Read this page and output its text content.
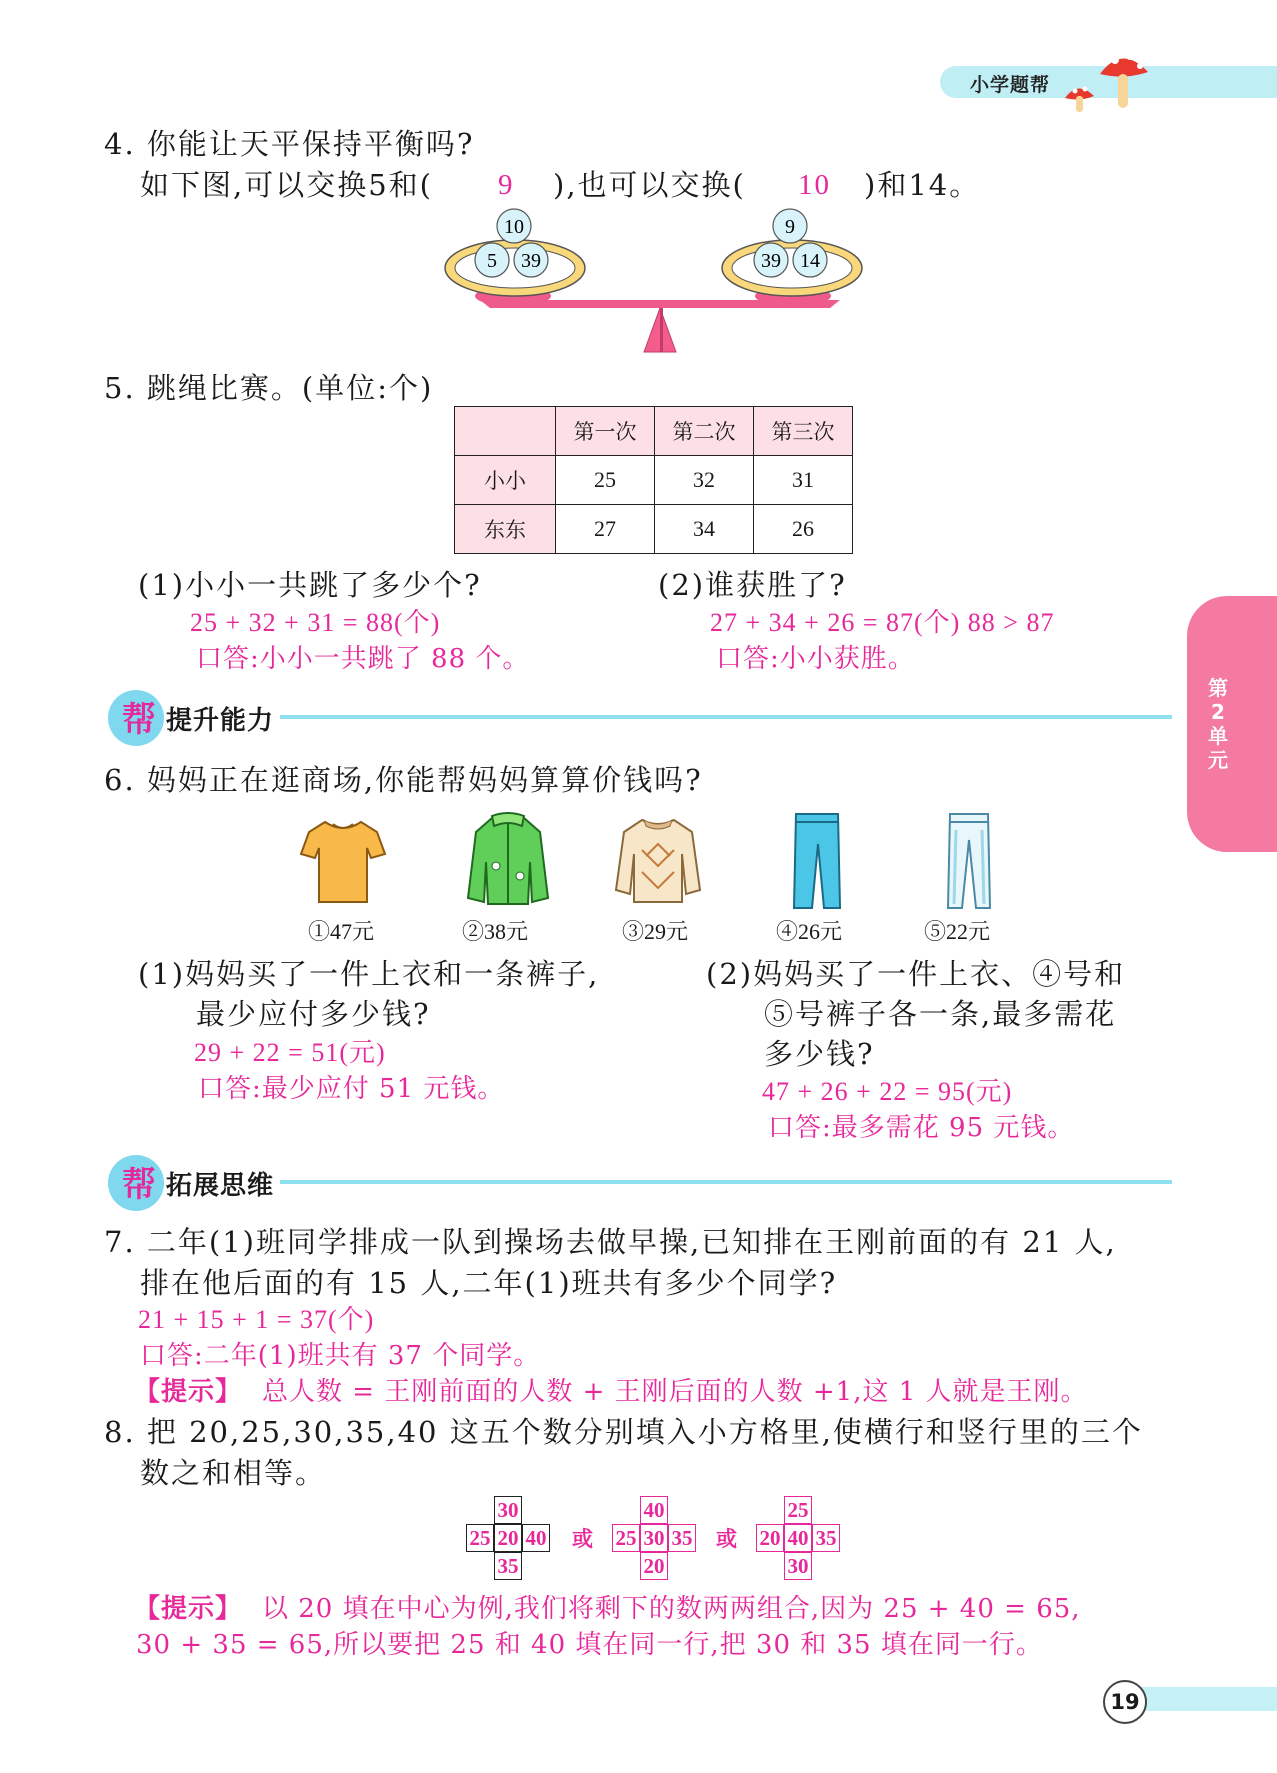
小学题帮
第2单元
4. 你能让天平保持平衡吗?
如下图,可以交换5和( 9 ),也可以交换( 10 )和14。
10
5 39
9
39 14
5. 跳绳比赛。(单位:个)
	第一次	第二次	第三次
小小	25	32	31
东东	27	34	26
(1)小小一共跳了多少个?
25 + 32 + 31 = 88(个)
口答:小小一共跳了 88 个。
(2)谁获胜了?
27 + 34 + 26 = 87(个) 88 > 87
口答:小小获胜。
帮 提升能力
6. 妈妈正在逛商场,你能帮妈妈算算价钱吗?
①47元	②38元	③29元	④26元	⑤22元
(1)妈妈买了一件上衣和一条裤子,
最少应付多少钱?
29 + 22 = 51(元)
口答:最少应付 51 元钱。
(2)妈妈买了一件上衣、④号和
⑤号裤子各一条,最多需花
多少钱?
47 + 26 + 22 = 95(元)
口答:最多需花 95 元钱。
帮 拓展思维
7. 二年(1)班同学排成一队到操场去做早操,已知排在王刚前面的有 21 人,
排在他后面的有 15 人,二年(1)班共有多少个同学?
21 + 15 + 1 = 37(个)
口答:二年(1)班共有 37 个同学。
【提示】 总人数 = 王刚前面的人数 + 王刚后面的人数 +1,这 1 人就是王刚。
8. 把 20,25,30,35,40 这五个数分别填入小方格里,使横行和竖行里的三个
数之和相等。
30
25 20 40
35
或
40
25 30 35
20
或
25
20 40 35
30
【提示】 以 20 填在中心为例,我们将剩下的数两两组合,因为 25 + 40 = 65,
30 + 35 = 65,所以要把 25 和 40 填在同一行,把 30 和 35 填在同一行。
19
